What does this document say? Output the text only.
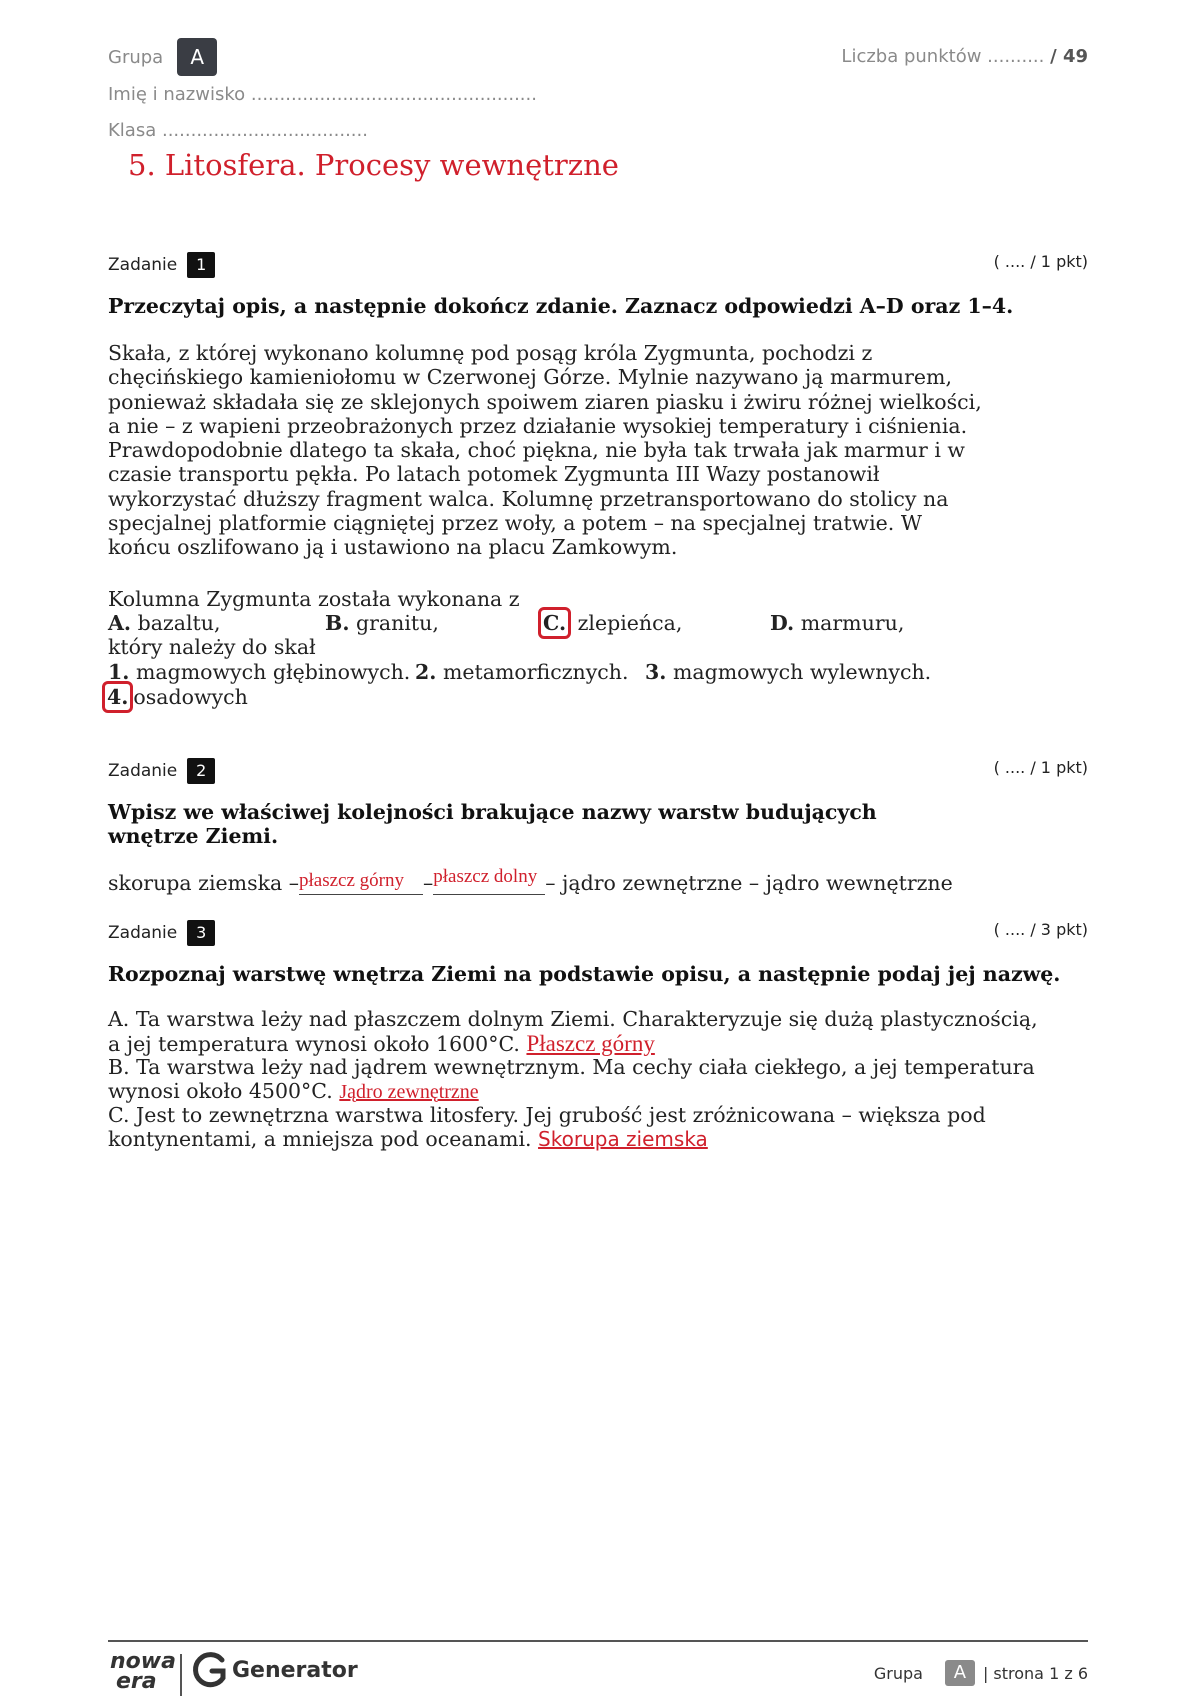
Grupa	A
Imię i nazwisko ..................................................
Klasa ....................................
Liczba punktów .......... / 49
5. Litosfera. Procesy wewnętrzne
Zadanie	1	( .... / 1 pkt)
Przeczytaj opis, a następnie dokończ zdanie. Zaznacz odpowiedzi A–D oraz 1–4.

Skała, z której wykonano kolumnę pod posąg króla Zygmunta, pochodzi z chęcińskiego kamieniołomu w Czerwonej Górze. Mylnie nazywano ją marmurem, ponieważ składała się ze sklejonych spoiwem ziaren piasku i żwiru różnej wielkości, a nie – z wapieni przeobrażonych przez działanie wysokiej temperatury i ciśnienia. Prawdopodobnie dlatego ta skała, choć piękna, nie była tak trwała jak marmur i w czasie transportu pękła. Po latach potomek Zygmunta III Wazy postanowił wykorzystać dłuższy fragment walca. Kolumnę przetransportowano do stolicy na specjalnej platformie ciągniętej przez woły, a potem – na specjalnej tratwie. W końcu oszlifowano ją i ustawiono na placu Zamkowym.

Kolumna Zygmunta została wykonana z
A. bazaltu,	B. granitu,	C. zlepieńca,	D. marmuru,
który należy do skał
1. magmowych głębinowych. 2. metamorficznych. 3. magmowych wylewnych.
4. osadowych
Zadanie	2	( .... / 1 pkt)
Wpisz we właściwej kolejności brakujące nazwy warstw budujących wnętrze Ziemi.
skorupa ziemska – płaszcz górny – płaszcz dolny – jądro zewnętrzne – jądro wewnętrzne
Zadanie	3	( .... / 3 pkt)
Rozpoznaj warstwę wnętrza Ziemi na podstawie opisu, a następnie podaj jej nazwę.
A. Ta warstwa leży nad płaszczem dolnym Ziemi. Charakteryzuje się dużą plastycznością,
a jej temperatura wynosi około 1600°C. Płaszcz górny
B. Ta warstwa leży nad jądrem wewnętrznym. Ma cechy ciała ciekłego, a jej temperatura
wynosi około 4500°C. Jądro zewnętrzne
C. Jest to zewnętrzna warstwa litosfery. Jej grubość jest zróżnicowana – większa pod
kontynentami, a mniejsza pod oceanami. Skorupa ziemska
nowa
era	Generator	Grupa	A	| strona 1 z 6
